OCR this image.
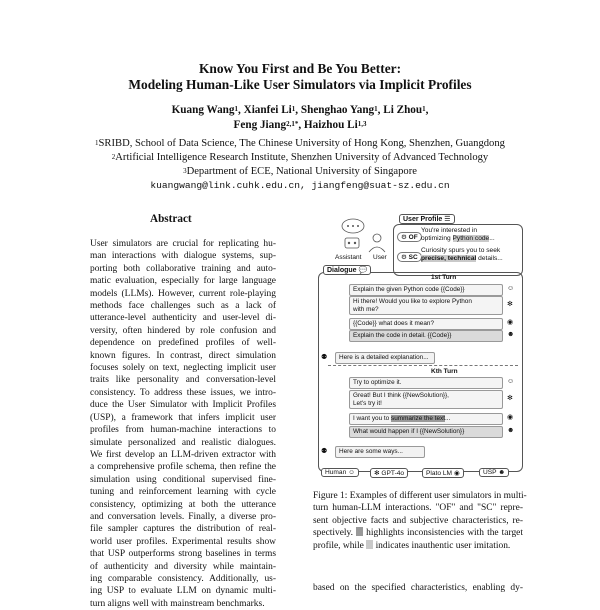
Know You First and Be You Better:
Modeling Human-Like User Simulators via Implicit Profiles
Kuang Wang$^1$, Xianfei Li$^1$, Shenghao Yang$^1$, Li Zhou$^1$,
Feng Jiang$^{2,1*}$, Haizhou Li$^{1,3}$
$^1$SRIBD, School of Data Science, The Chinese University of Hong Kong, Shenzhen, Guangdong
$^2$Artificial Intelligence Research Institute, Shenzhen University of Advanced Technology
$^3$Department of ECE, National University of Singapore
kuangwang@link.cuhk.edu.cn, jiangfeng@suat-sz.edu.cn
Abstract
User simulators are crucial for replicating hu-
man interactions with dialogue systems, sup-
porting both collaborative training and auto-
matic evaluation, especially for large language
models (LLMs). However, current role-playing
methods face challenges such as a lack of
utterance-level authenticity and user-level di-
versity, often hindered by role confusion and
dependence on predefined profiles of well-
known figures. In contrast, direct simulation
focuses solely on text, neglecting implicit user
traits like personality and conversation-level
consistency. To address these issues, we intro-
duce the User Simulator with Implicit Profiles
(USP), a framework that infers implicit user
profiles from human-machine interactions to
simulate personalized and realistic dialogues.
We first develop an LLM-driven extractor with
a comprehensive profile schema, then refine the
simulation using conditional supervised fine-
tuning and reinforcement learning with cycle
consistency, optimizing at both the utterance
and conversation levels. Finally, a diverse pro-
file sampler captures the distribution of real-
world user profiles. Experimental results show
that USP outperforms strong baselines in terms
of authenticity and diversity while maintain-
ing comparable consistency. Additionally, us-
ing USP to evaluate LLM on dynamic multi-
turn aligns well with mainstream benchmarks.
Assistant User
User Profile ☰
⚙ OF
You're interested in
optimizing Python code...
⚙ SC
Curiosity spurs you to seek
precise, technical details...
Dialogue 💬
1st Turn
Explain the given Python code {{Code}}	☺
Hi there! Would you like to explore Python
with me?
✻
{{Code}} what does it mean?	◉
Explain the code in detail. {{Code}}	☻
⚉	Here is a detailed explanation...
Kth Turn
Try to optimize it.	☺
Great! But I think {{NewSolution}},
Let's try it!
✻
I want you to summarize the text...	◉
What would happen if I {{NewSolution}}	☻
⚉	Here are some ways...
Human ☺	✻ GPT-4o	Plato LM ◉	USP ☻
Figure 1: Examples of different user simulators in multi-
turn human-LLM interactions. "OF" and "SC" repre-
sent objective facts and subjective characteristics, re-
spectively.  highlights inconsistencies with the target
profile, while  indicates inauthentic user imitation.
based on the specified characteristics, enabling dy-
